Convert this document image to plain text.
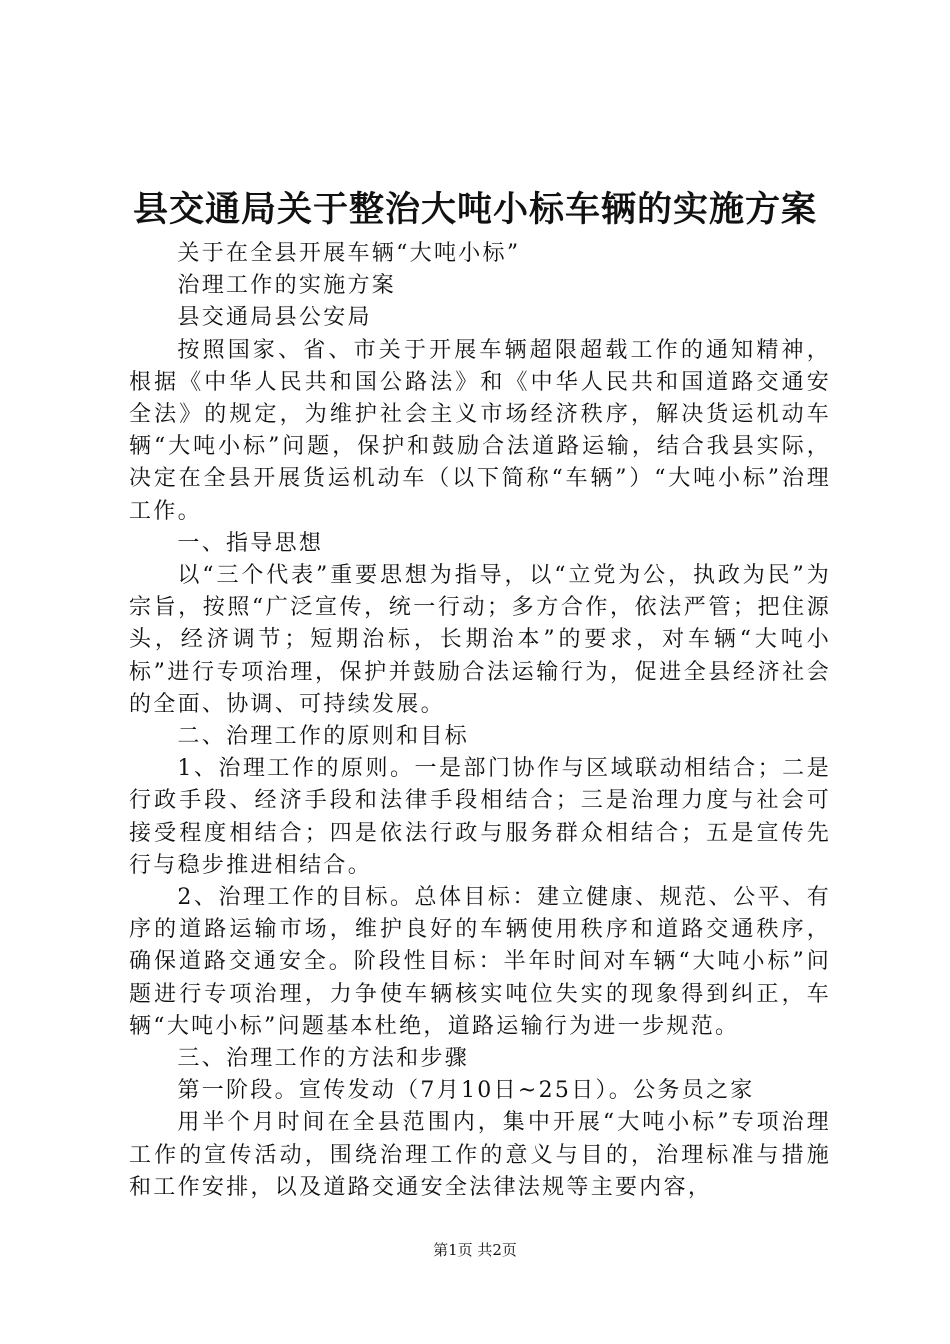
县交通局关于整治大吨小标车辆的实施方案

关于在全县开展车辆“大吨小标”

治理工作的实施方案

县交通局县公安局

按照国家、省、市关于开展车辆超限超载工作的通知精神，根据《中华人民共和国公路法》和《中华人民共和国道路交通安全法》的规定，为维护社会主义市场经济秩序，解决货运机动车辆“大吨小标”问题，保护和鼓励合法道路运输，结合我县实际，决定在全县开展货运机动车（以下简称“车辆”）“大吨小标”治理工作。

一、指导思想

以“三个代表”重要思想为指导，以“立党为公，执政为民”为宗旨，按照“广泛宣传，统一行动；多方合作，依法严管；把住源头，经济调节；短期治标，长期治本”的要求，对车辆“大吨小标”进行专项治理，保护并鼓励合法运输行为，促进全县经济社会的全面、协调、可持续发展。

二、治理工作的原则和目标

1、治理工作的原则。一是部门协作与区域联动相结合；二是行政手段、经济手段和法律手段相结合；三是治理力度与社会可接受程度相结合；四是依法行政与服务群众相结合；五是宣传先行与稳步推进相结合。

2、治理工作的目标。总体目标：建立健康、规范、公平、有序的道路运输市场，维护良好的车辆使用秩序和道路交通秩序，确保道路交通安全。阶段性目标：半年时间对车辆“大吨小标”问题进行专项治理，力争使车辆核实吨位失实的现象得到纠正，车辆“大吨小标”问题基本杜绝，道路运输行为进一步规范。

三、治理工作的方法和步骤

第一阶段。宣传发动（7月10日~25日）。公务员之家

用半个月时间在全县范围内，集中开展“大吨小标”专项治理工作的宣传活动，围绕治理工作的意义与目的，治理标准与措施和工作安排，以及道路交通安全法律法规等主要内容，

第1页 共2页
